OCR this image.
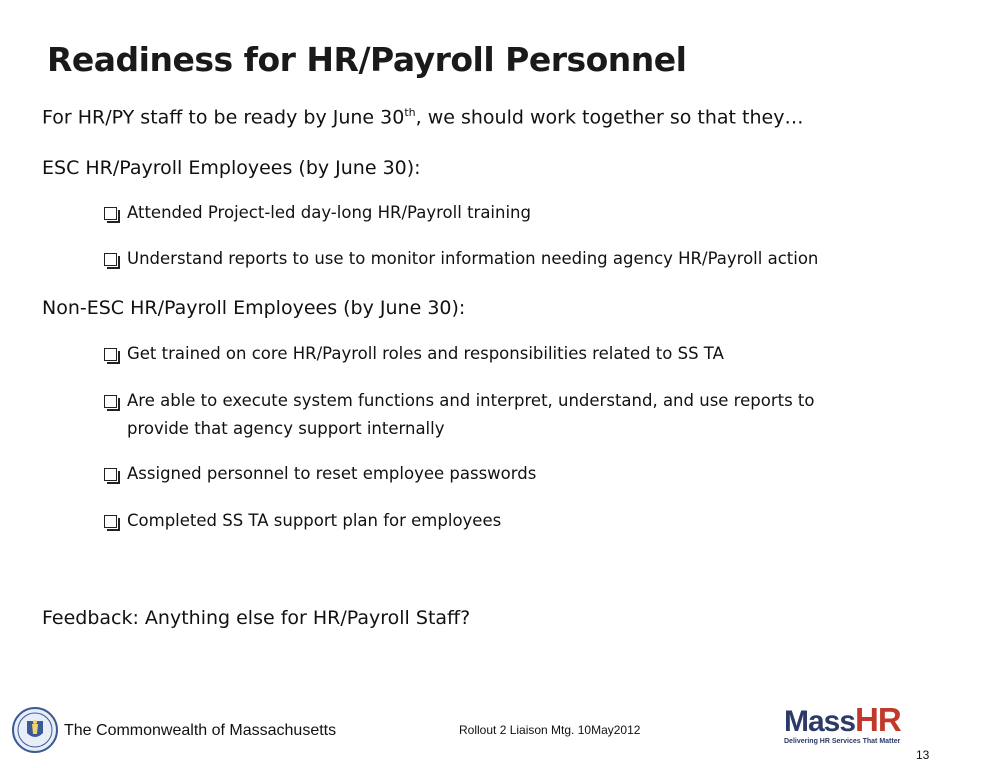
Readiness for HR/Payroll Personnel
For HR/PY staff to be ready by June 30th, we should work together so that they…
ESC HR/Payroll Employees (by June 30):
Attended Project-led day-long HR/Payroll training
Understand reports to use to monitor information needing agency HR/Payroll action
Non-ESC HR/Payroll Employees (by June 30):
Get trained on core HR/Payroll roles and responsibilities related to SS TA
Are able to execute system functions and interpret, understand, and use reports to
provide that agency support internally
Assigned personnel to reset employee passwords
Completed SS TA support plan for employees
Feedback: Anything else for HR/Payroll Staff?
The Commonwealth of Massachusetts	Rollout 2 Liaison Mtg. 10May2012	MassHR
Delivering HR Services That Matter
13
